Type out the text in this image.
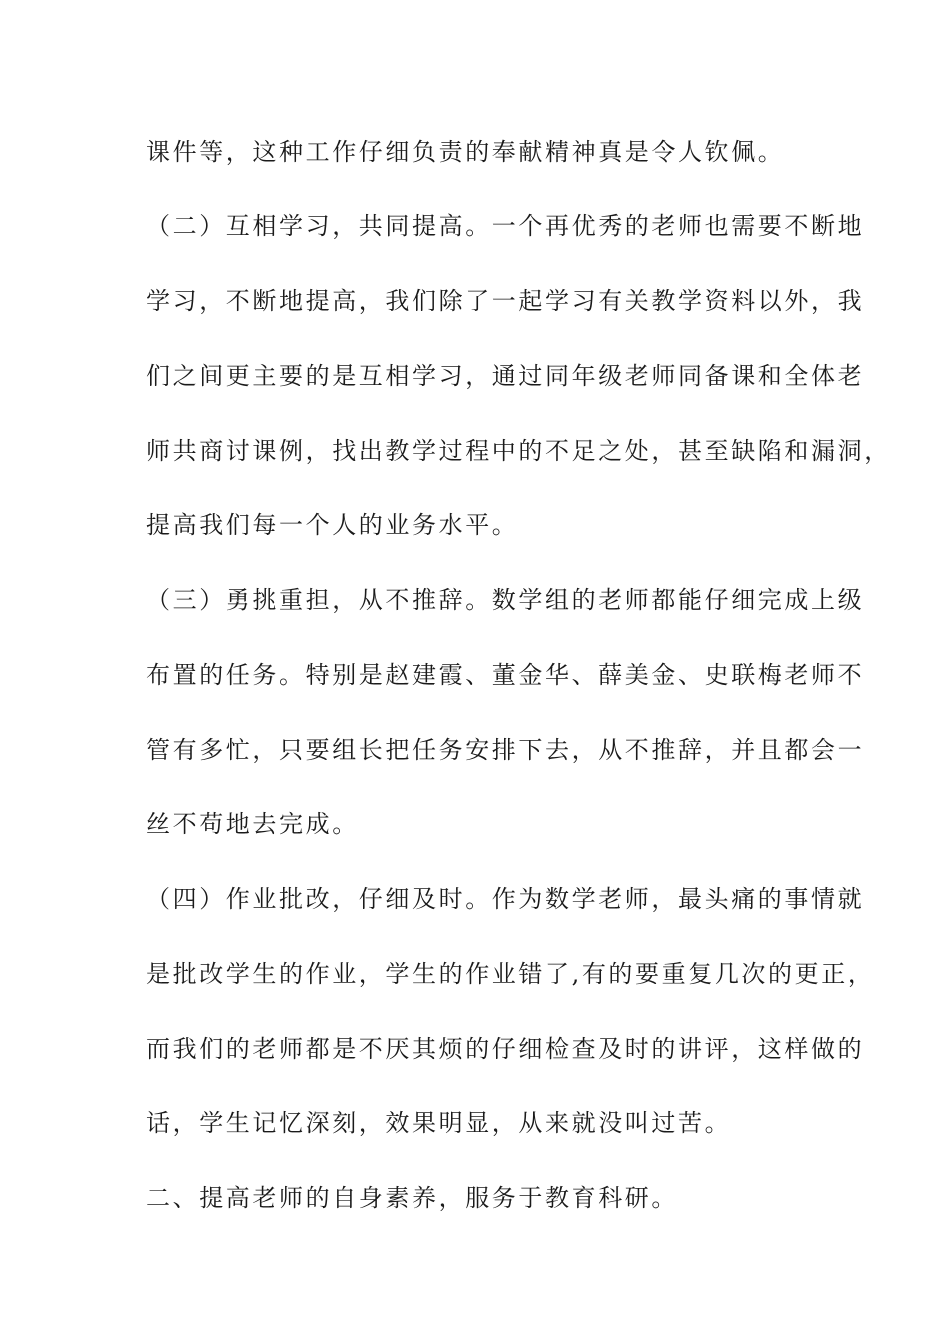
课件等，这种工作仔细负责的奉献精神真是令人钦佩。
（二）互相学习，共同提高。一个再优秀的老师也需要不断地
学习，不断地提高，我们除了一起学习有关教学资料以外，我
们之间更主要的是互相学习，通过同年级老师同备课和全体老
师共商讨课例，找出教学过程中的不足之处，甚至缺陷和漏洞，
提高我们每一个人的业务水平。
（三）勇挑重担，从不推辞。数学组的老师都能仔细完成上级
布置的任务。特别是赵建霞、董金华、薛美金、史联梅老师不
管有多忙，只要组长把任务安排下去，从不推辞，并且都会一
丝不苟地去完成。
（四）作业批改，仔细及时。作为数学老师，最头痛的事情就
是批改学生的作业，学生的作业错了,有的要重复几次的更正，
而我们的老师都是不厌其烦的仔细检查及时的讲评，这样做的
话，学生记忆深刻，效果明显，从来就没叫过苦。
二、提高老师的自身素养，服务于教育科研。
